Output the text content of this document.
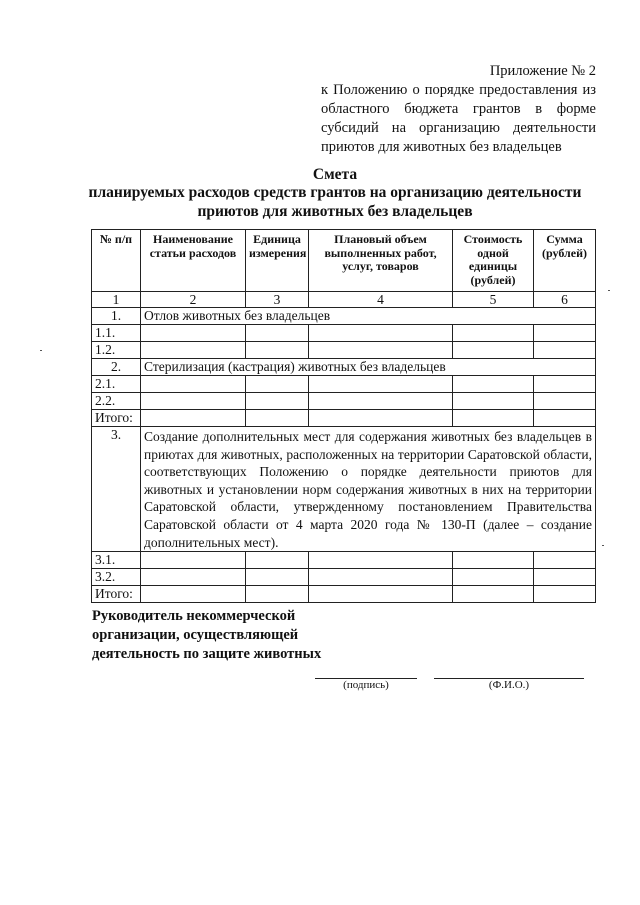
Приложение № 2
к Положению о порядке предоставления из областного бюджета грантов в форме субсидий на организацию деятельности приютов для животных без владельцев
Смета
планируемых расходов средств грантов на организацию деятельности приютов для животных без владельцев
№ п/п	Наименование статьи расходов	Единица измерения	Плановый объем выполненных работ, услуг, товаров	Стоимость одной единицы (рублей)	Сумма (рублей)
1	2	3	4	5	6
1.	Отлов животных без владельцев				
1.1.					
1.2.					
2.	Стерилизация (кастрация) животных без владельцев				
2.1.					
2.2.					
Итого:					
3.	Создание дополнительных мест для содержания животных без владельцев в приютах для животных, расположенных на территории Саратовской области, соответствующих Положению о порядке деятельности приютов для животных и установлении норм содержания животных в них на территории Саратовской области, утвержденному постановлением Правительства Саратовской области от 4 марта 2020 года № 130-П (далее – создание дополнительных мест).				
3.1.					
3.2.					
Итого:					
Руководитель некоммерческой организации, осуществляющей деятельность по защите животных
(подпись)	(Ф.И.О.)
